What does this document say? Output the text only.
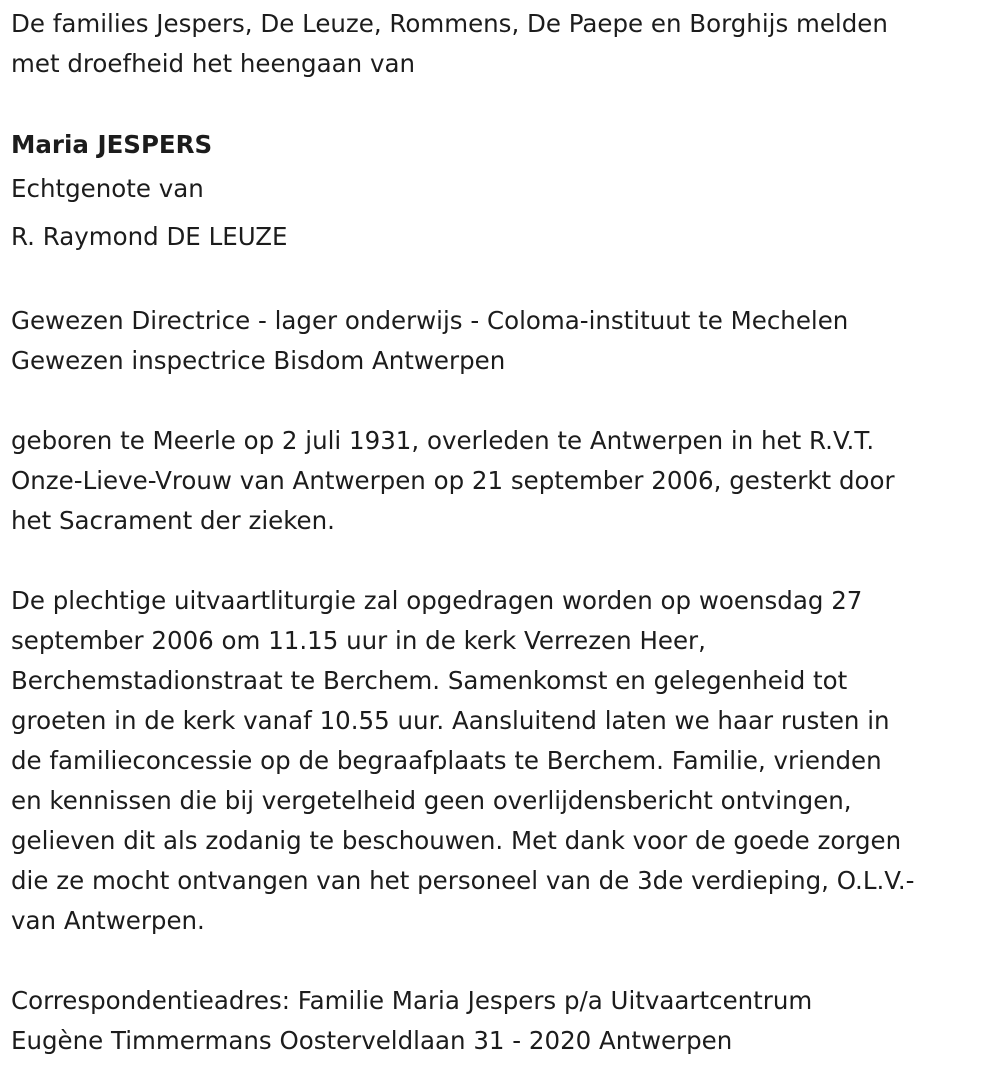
De families Jespers, De Leuze, Rommens, De Paepe en Borghijs melden

met droefheid het heengaan van

Maria JESPERS

Echtgenote van

R. Raymond DE LEUZE

Gewezen Directrice - lager onderwijs - Coloma-instituut te Mechelen

Gewezen inspectrice Bisdom Antwerpen

geboren te Meerle op 2 juli 1931, overleden te Antwerpen in het R.V.T.

Onze-Lieve-Vrouw van Antwerpen op 21 september 2006, gesterkt door

het Sacrament der zieken.

De plechtige uitvaartliturgie zal opgedragen worden op woensdag 27

september 2006 om 11.15 uur in de kerk Verrezen Heer,

Berchemstadionstraat te Berchem. Samenkomst en gelegenheid tot

groeten in de kerk vanaf 10.55 uur. Aansluitend laten we haar rusten in

de familieconcessie op de begraafplaats te Berchem. Familie, vrienden

en kennissen die bij vergetelheid geen overlijdensbericht ontvingen,

gelieven dit als zodanig te beschouwen. Met dank voor de goede zorgen

die ze mocht ontvangen van het personeel van de 3de verdieping, O.L.V.-

van Antwerpen.

Correspondentieadres: Familie Maria Jespers p/a Uitvaartcentrum

Eugène Timmermans Oosterveldlaan 31 - 2020 Antwerpen
